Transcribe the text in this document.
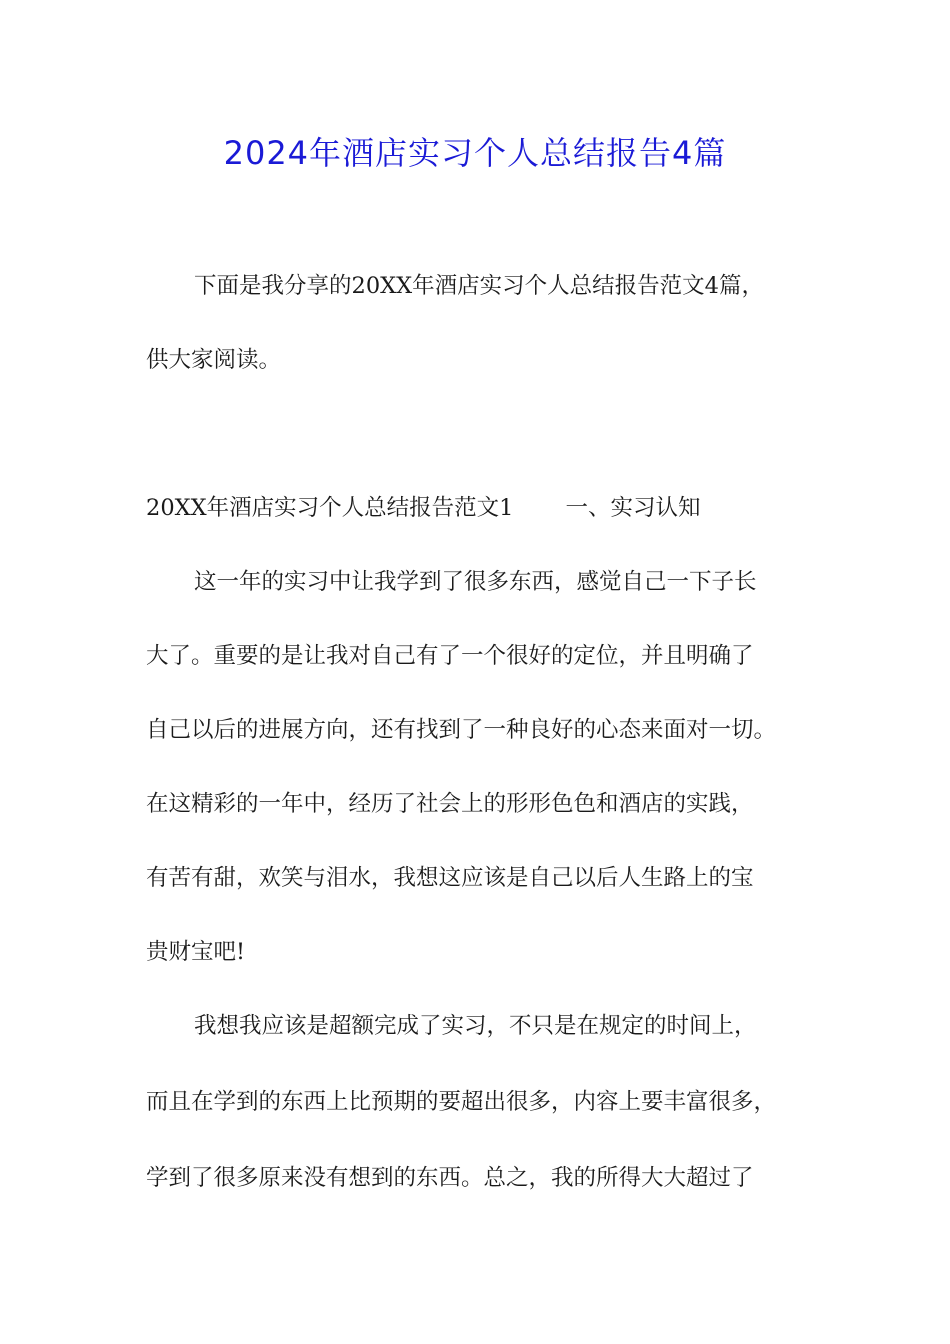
2024年酒店实习个人总结报告4篇
下面是我分享的20XX年酒店实习个人总结报告范文4篇，
供大家阅读。
20XX年酒店实习个人总结报告范文1 一、实习认知
这一年的实习中让我学到了很多东西，感觉自己一下子长
大了。重要的是让我对自己有了一个很好的定位，并且明确了
自己以后的进展方向，还有找到了一种良好的心态来面对一切。
在这精彩的一年中，经历了社会上的形形色色和酒店的实践，
有苦有甜，欢笑与泪水，我想这应该是自己以后人生路上的宝
贵财宝吧!
我想我应该是超额完成了实习，不只是在规定的时间上，
而且在学到的东西上比预期的要超出很多，内容上要丰富很多，
学到了很多原来没有想到的东西。总之，我的所得大大超过了
